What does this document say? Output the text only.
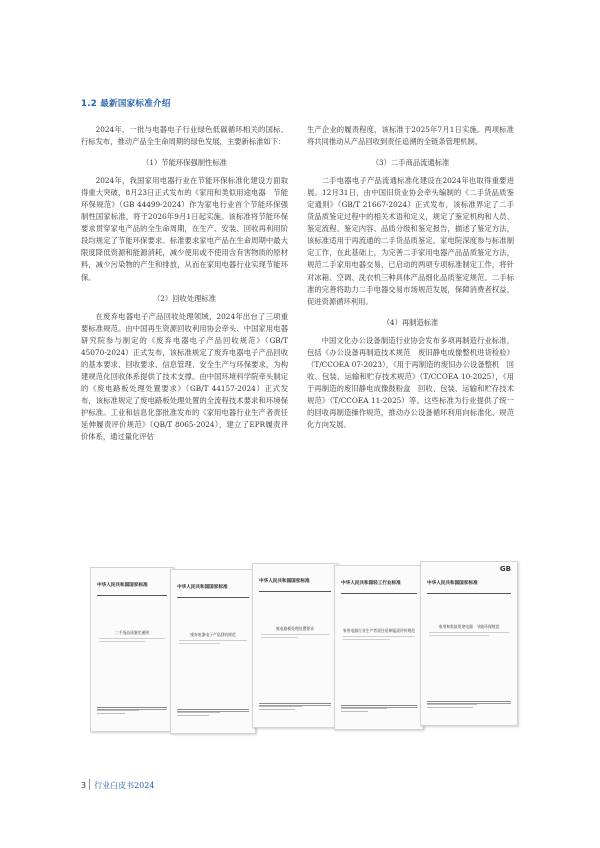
1.2 最新国家标准介绍

2024年，一批与电器电子行业绿色低碳循环相关的国标、行标发布，推动产品全生命周期的绿色发展，主要新标准如下：

（1）节能环保强制性标准

2024年，我国家用电器行业在节能环保标准化建设方面取得重大突破，8月23日正式发布的《家用和类似用途电器　节能环保规范》（GB 44499-2024）作为家电行业首个节能环保强制性国家标准，将于2026年9月1日起实施。该标准将节能环保要求贯穿家电产品的全生命周期，在生产、安装、回收再利用阶段均规定了节能环保要求。标准要求家电产品在生命周期中最大限度降低资源和能源消耗，减少使用或不使用含有害物质的原材料，减少污染物的产生和排放，从而在家用电器行业实现节能环保。

（2）回收处理标准

在废弃电器电子产品回收处理领域，2024年出台了三项重要标准规范。由中国再生资源回收利用协会牵头、中国家用电器研究院参与制定的《废弃电器电子产品回收规范》（GB/T 45070-2024）正式发布，该标准规定了废弃电器电子产品回收的基本要求、回收要求、信息管理、安全生产与环保要求，为构建规范化回收体系提供了技术支撑。由中国环境科学院牵头制定的《废电路板处理处置要求》（GB/T 44157-2024）正式发布，该标准规定了废电路板处理处置的全流程技术要求和环境保护标准。工业和信息化部批准发布的《家用电器行业生产者责任延伸履责评价规范》（QB/T 8065-2024），建立了EPR履责评价体系，通过量化评估

生产企业的履责程度，该标准于2025年7月1日实施。两项标准将共同推动从产品回收到责任追溯的全链条管理机制。

（3）二手商品流通标准

二手电器电子产品流通标准化建设在2024年也取得重要进展。12月31日，由中国旧货业协会牵头编制的《二手货品质鉴定通则》（GB/T 21667-2024）正式发布，该标准界定了二手货品质鉴定过程中的相关术语和定义，规定了鉴定机构和人员、鉴定流程、鉴定内容、品质分级和鉴定报告，描述了鉴定方法，该标准适用于再流通的二手货品质鉴定。家电院深度参与标准制定工作，在此基础上，为完善二手家用电器产品品质鉴定方法，规范二手家用电器交易，已启动的两项专项标准制定工作，将针对冰箱、空调、洗衣机三种具体产品细化品质鉴定规范。二手标准的完善将助力二手电器交易市场规范发展，保障消费者权益，促进资源循环利用。

（4）再制造标准

中国文化办公设备制造行业协会发布多项再制造行业标准，包括《办公设备再制造技术规范　废旧静电成像整机进货检验》（T/CCOEA 07-2023），《用于再制造的废旧办公设备整机　回收、包装、运输和贮存技术规范》（T/CCOEA 10-2025），《用于再制造的废旧静电成像鼓粉盒　回收、包装、运输和贮存技术规范》（T/CCOEA 11-2025）等。这些标准为行业提供了统一的回收再制造操作规范，推动办公设备循环利用向标准化、规范化方向发展。

中华人民共和国国家标准
二手货品质鉴定通则
中华人民共和国国家标准
废弃电器电子产品回收规范
中华人民共和国国家标准
废电路板处理处置要求
中华人民共和国轻工行业标准
家用电器行业生产者责任延伸履责评价规范
GB
中华人民共和国国家标准
家用和类似用途电器　节能环保规范
3 行业白皮书2024
